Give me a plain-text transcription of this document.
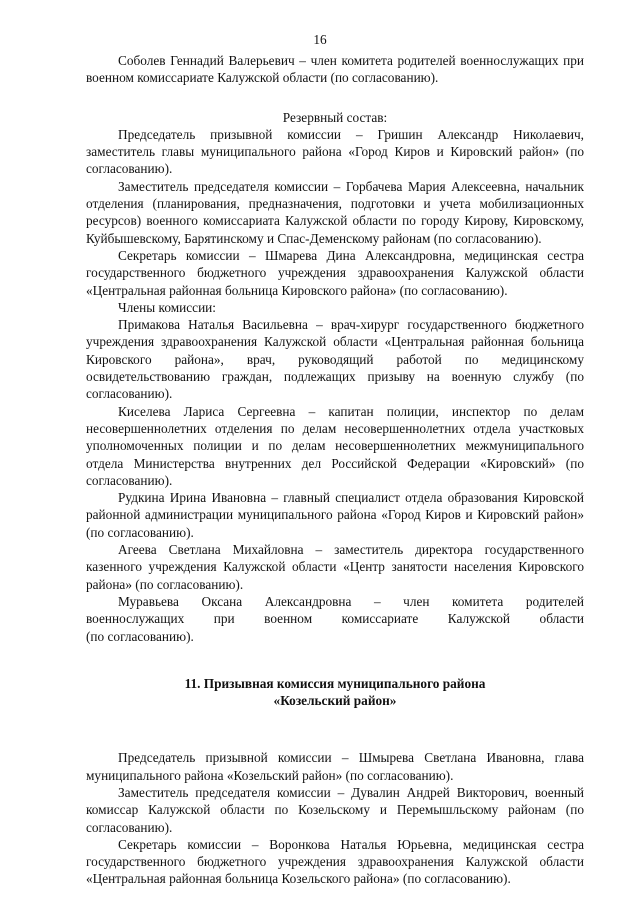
16

Соболев Геннадий Валерьевич – член комитета родителей военнослужащих при военном комиссариате Калужской области (по согласованию).

Резервный состав:

Председатель призывной комиссии – Гришин Александр Николаевич, заместитель главы муниципального района «Город Киров и Кировский район» (по согласованию).

Заместитель председателя комиссии – Горбачева Мария Алексеевна, начальник отделения (планирования, предназначения, подготовки и учета мобилизационных ресурсов) военного комиссариата Калужской области по городу Кирову, Кировскому, Куйбышевскому, Барятинскому и Спас-Деменскому районам (по согласованию).

Секретарь комиссии – Шмарева Дина Александровна, медицинская сестра государственного бюджетного учреждения здравоохранения Калужской области «Центральная районная больница Кировского района» (по согласованию).

Члены комиссии:

Примакова Наталья Васильевна – врач-хирург государственного бюджетного учреждения здравоохранения Калужской области «Центральная районная больница Кировского района», врач, руководящий работой по медицинскому освидетельствованию граждан, подлежащих призыву на военную службу (по согласованию).

Киселева Лариса Сергеевна – капитан полиции, инспектор по делам несовершеннолетних отделения по делам несовершеннолетних отдела участковых уполномоченных полиции и по делам несовершеннолетних межмуниципального отдела Министерства внутренних дел Российской Федерации «Кировский» (по согласованию).

Рудкина Ирина Ивановна – главный специалист отдела образования Кировской районной администрации муниципального района «Город Киров и Кировский район» (по согласованию).

Агеева Светлана Михайловна – заместитель директора государственного казенного учреждения Калужской области «Центр занятости населения Кировского района» (по согласованию).

Муравьева Оксана Александровна – член комитета родителей

военнослужащих при военном комиссариате Калужской области

(по согласованию).

11. Призывная комиссия муниципального района

«Козельский район»

Председатель призывной комиссии – Шмырева Светлана Ивановна, глава муниципального района «Козельский район» (по согласованию).

Заместитель председателя комиссии – Дувалин Андрей Викторович, военный комиссар Калужской области по Козельскому и Перемышльскому районам (по согласованию).

Секретарь комиссии – Воронкова Наталья Юрьевна, медицинская сестра государственного бюджетного учреждения здравоохранения Калужской области «Центральная районная больница Козельского района» (по согласованию).
